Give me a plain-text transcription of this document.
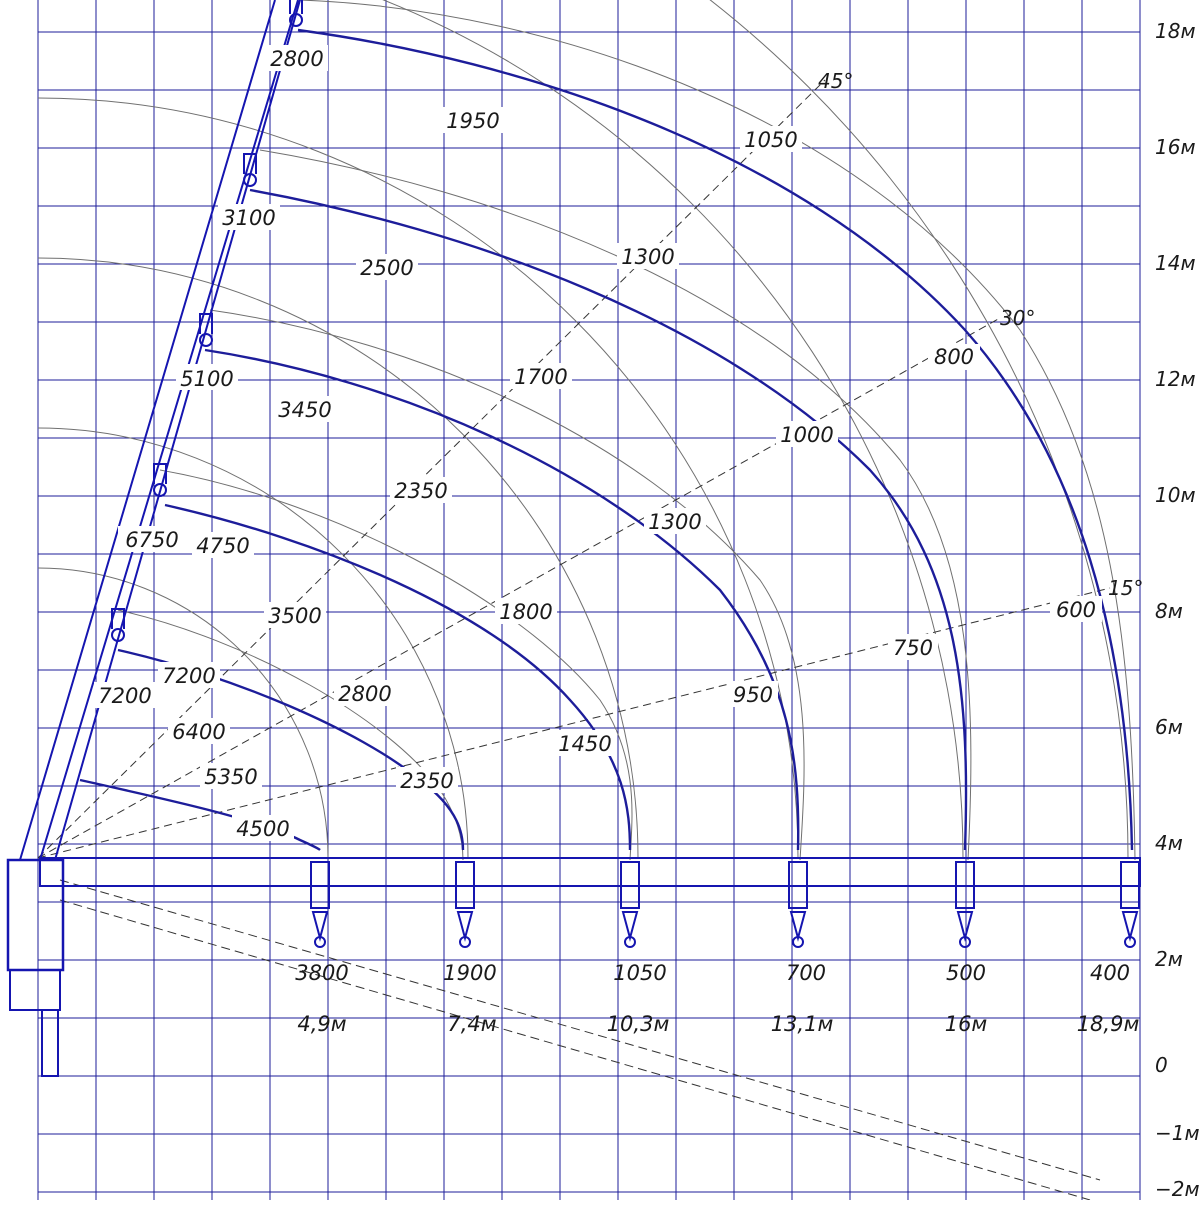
18м
16м
14м
12м
10м
8м
6м
4м
2м
0
−1м
−2м
4,9м	7,4м	10,3м	13,1м	16м	18,9м
3800	1900	1050	700	500	400
45°
30°
15°
2800
1950
1050
3100
2500	1300
800
5100
3450
1700
1000
6750 4750
2350
1300
600
7200
3500	1800
750
7200
6400
2800	950
5350	2350
1450
4500
